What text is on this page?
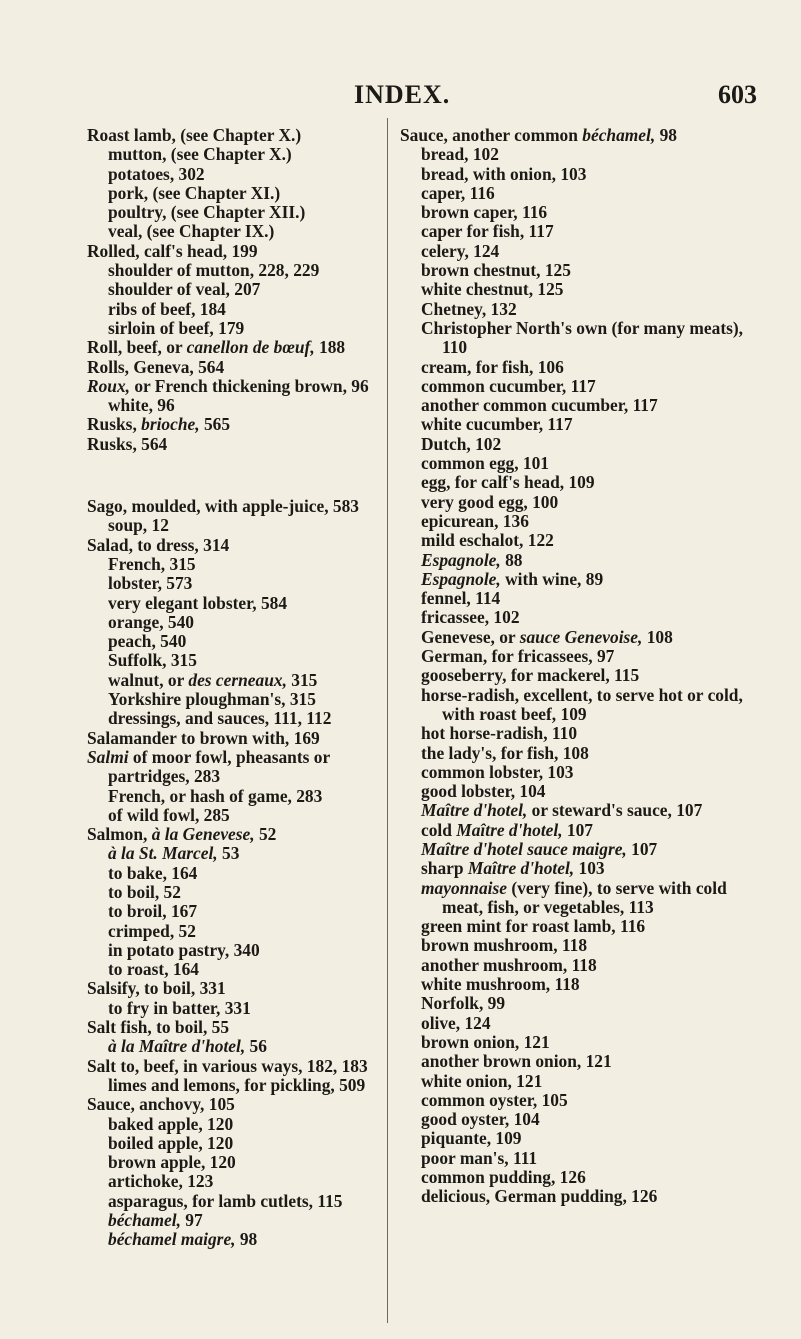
INDEX.	603
Roast lamb, (see Chapter X.)
mutton, (see Chapter X.)
potatoes, 302
pork, (see Chapter XI.)
poultry, (see Chapter XII.)
veal, (see Chapter IX.)
Rolled, calf's head, 199
shoulder of mutton, 228, 229
shoulder of veal, 207
ribs of beef, 184
sirloin of beef, 179
Roll, beef, or canellon de bœuf, 188
Rolls, Geneva, 564
Roux, or French thickening brown, 96
white, 96
Rusks, brioche, 565
Rusks, 564
Sago, moulded, with apple-juice, 583
soup, 12
Salad, to dress, 314
French, 315
lobster, 573
very elegant lobster, 584
orange, 540
peach, 540
Suffolk, 315
walnut, or des cerneaux, 315
Yorkshire ploughman's, 315
dressings, and sauces, 111, 112
Salamander to brown with, 169
Salmi of moor fowl, pheasants or partridges, 283
French, or hash of game, 283
of wild fowl, 285
Salmon, à la Genevese, 52
à la St. Marcel, 53
to bake, 164
to boil, 52
to broil, 167
crimped, 52
in potato pastry, 340
to roast, 164
Salsify, to boil, 331
to fry in batter, 331
Salt fish, to boil, 55
à la Maître d'hotel, 56
Salt to, beef, in various ways, 182, 183
limes and lemons, for pickling, 509
Sauce, anchovy, 105
baked apple, 120
boiled apple, 120
brown apple, 120
artichoke, 123
asparagus, for lamb cutlets, 115
béchamel, 97
béchamel maigre, 98
Sauce, another common béchamel, 98
bread, 102
bread, with onion, 103
caper, 116
brown caper, 116
caper for fish, 117
celery, 124
brown chestnut, 125
white chestnut, 125
Chetney, 132
Christopher North's own (for many meats), 110
cream, for fish, 106
common cucumber, 117
another common cucumber, 117
white cucumber, 117
Dutch, 102
common egg, 101
egg, for calf's head, 109
very good egg, 100
epicurean, 136
mild eschalot, 122
Espagnole, 88
Espagnole, with wine, 89
fennel, 114
fricassee, 102
Genevese, or sauce Genevoise, 108
German, for fricassees, 97
gooseberry, for mackerel, 115
horse-radish, excellent, to serve hot or cold, with roast beef, 109
hot horse-radish, 110
the lady's, for fish, 108
common lobster, 103
good lobster, 104
Maître d'hotel, or steward's sauce, 107
cold Maître d'hotel, 107
Maître d'hotel sauce maigre, 107
sharp Maître d'hotel, 103
mayonnaise (very fine), to serve with cold meat, fish, or vegetables, 113
green mint for roast lamb, 116
brown mushroom, 118
another mushroom, 118
white mushroom, 118
Norfolk, 99
olive, 124
brown onion, 121
another brown onion, 121
white onion, 121
common oyster, 105
good oyster, 104
piquante, 109
poor man's, 111
common pudding, 126
delicious, German pudding, 126
